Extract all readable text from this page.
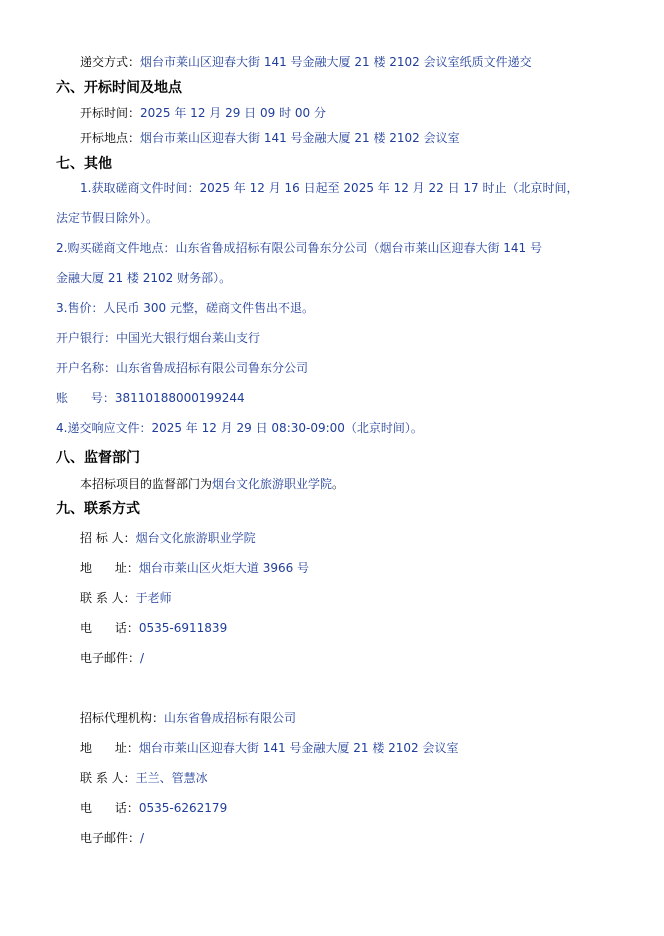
递交方式：烟台市莱山区迎春大街 141 号金融大厦 21 楼 2102 会议室纸质文件递交
六、开标时间及地点
开标时间：2025 年 12 月 29 日 09 时 00 分
开标地点：烟台市莱山区迎春大街 141 号金融大厦 21 楼 2102 会议室
七、其他
1.获取磋商文件时间：2025 年 12 月 16 日起至 2025 年 12 月 22 日 17 时止（北京时间，
法定节假日除外）。
2.购买磋商文件地点：山东省鲁成招标有限公司鲁东分公司（烟台市莱山区迎春大街 141 号
金融大厦 21 楼 2102 财务部）。
3.售价：人民币 300 元整，磋商文件售出不退。
开户银行：中国光大银行烟台莱山支行
开户名称：山东省鲁成招标有限公司鲁东分公司
账      号：38110188000199244
4.递交响应文件：2025 年 12 月 29 日 08:30-09:00（北京时间）。
八、监督部门
本招标项目的监督部门为烟台文化旅游职业学院。
九、联系方式
招 标 人：烟台文化旅游职业学院
地      址：烟台市莱山区火炬大道 3966 号
联 系 人：于老师
电      话：0535-6911839
电子邮件：/
招标代理机构：山东省鲁成招标有限公司
地      址：烟台市莱山区迎春大街 141 号金融大厦 21 楼 2102 会议室
联 系 人：王兰、管慧冰
电      话：0535-6262179
电子邮件：/
